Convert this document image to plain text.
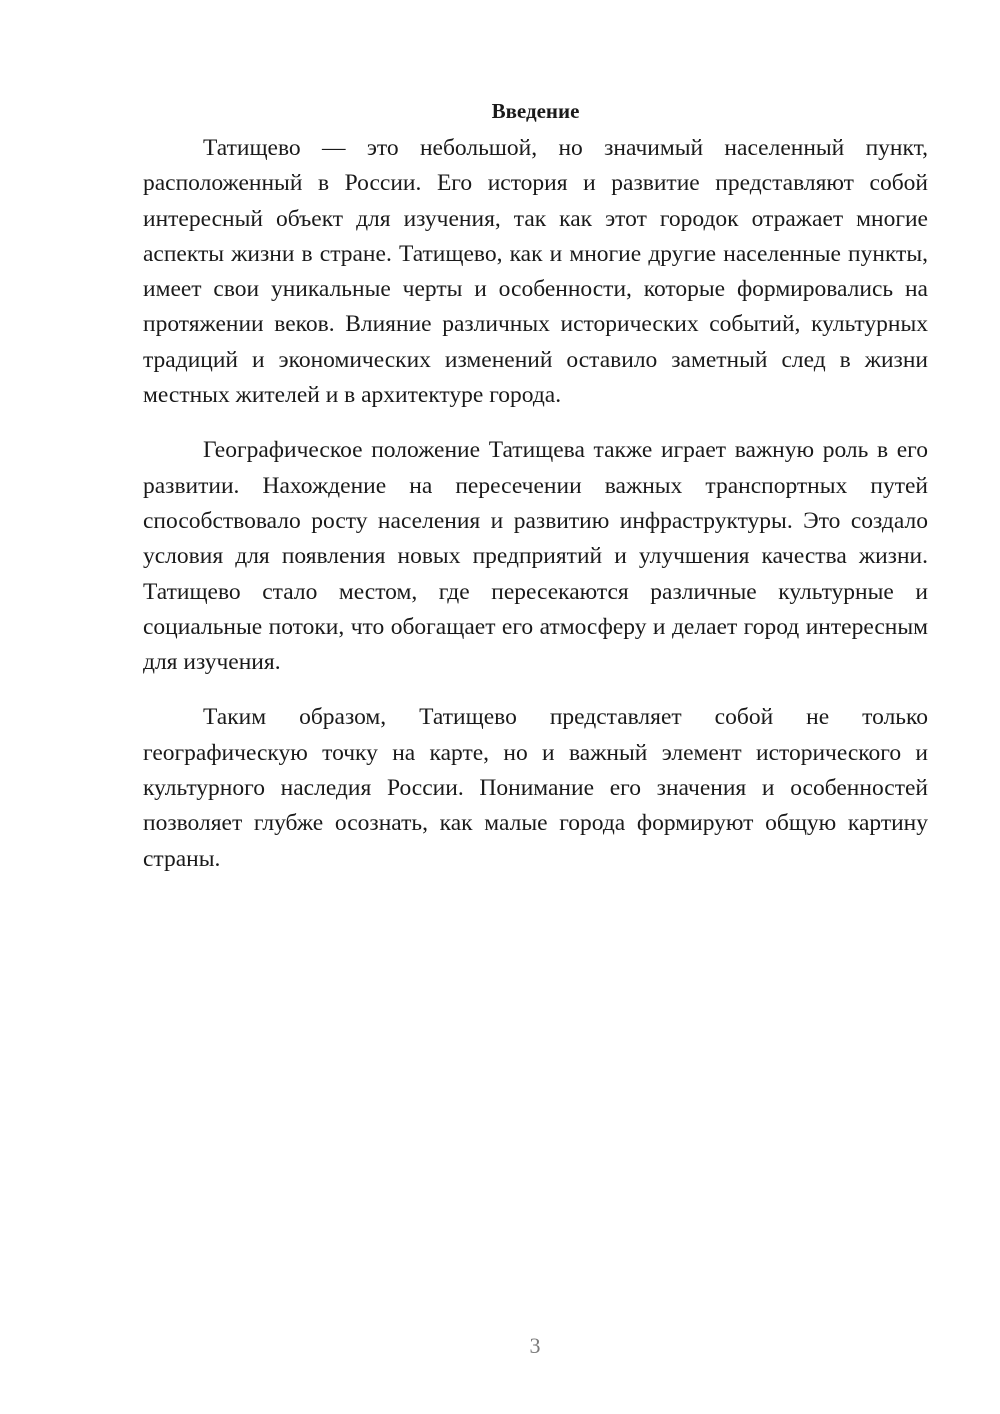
Введение

Татищево — это небольшой, но значимый населенный пункт, расположенный в России. Его история и развитие представляют собой интересный объект для изучения, так как этот городок отражает многие аспекты жизни в стране. Татищево, как и многие другие населенные пункты, имеет свои уникальные черты и особенности, которые формировались на протяжении веков. Влияние различных исторических событий, культурных традиций и экономических изменений оставило заметный след в жизни местных жителей и в архитектуре города.

Географическое положение Татищева также играет важную роль в его развитии. Нахождение на пересечении важных транспортных путей способствовало росту населения и развитию инфраструктуры. Это создало условия для появления новых предприятий и улучшения качества жизни. Татищево стало местом, где пересекаются различные культурные и социальные потоки, что обогащает его атмосферу и делает город интересным для изучения.

Таким образом, Татищево представляет собой не только географическую точку на карте, но и важный элемент исторического и культурного наследия России. Понимание его значения и особенностей позволяет глубже осознать, как малые города формируют общую картину страны.

3
